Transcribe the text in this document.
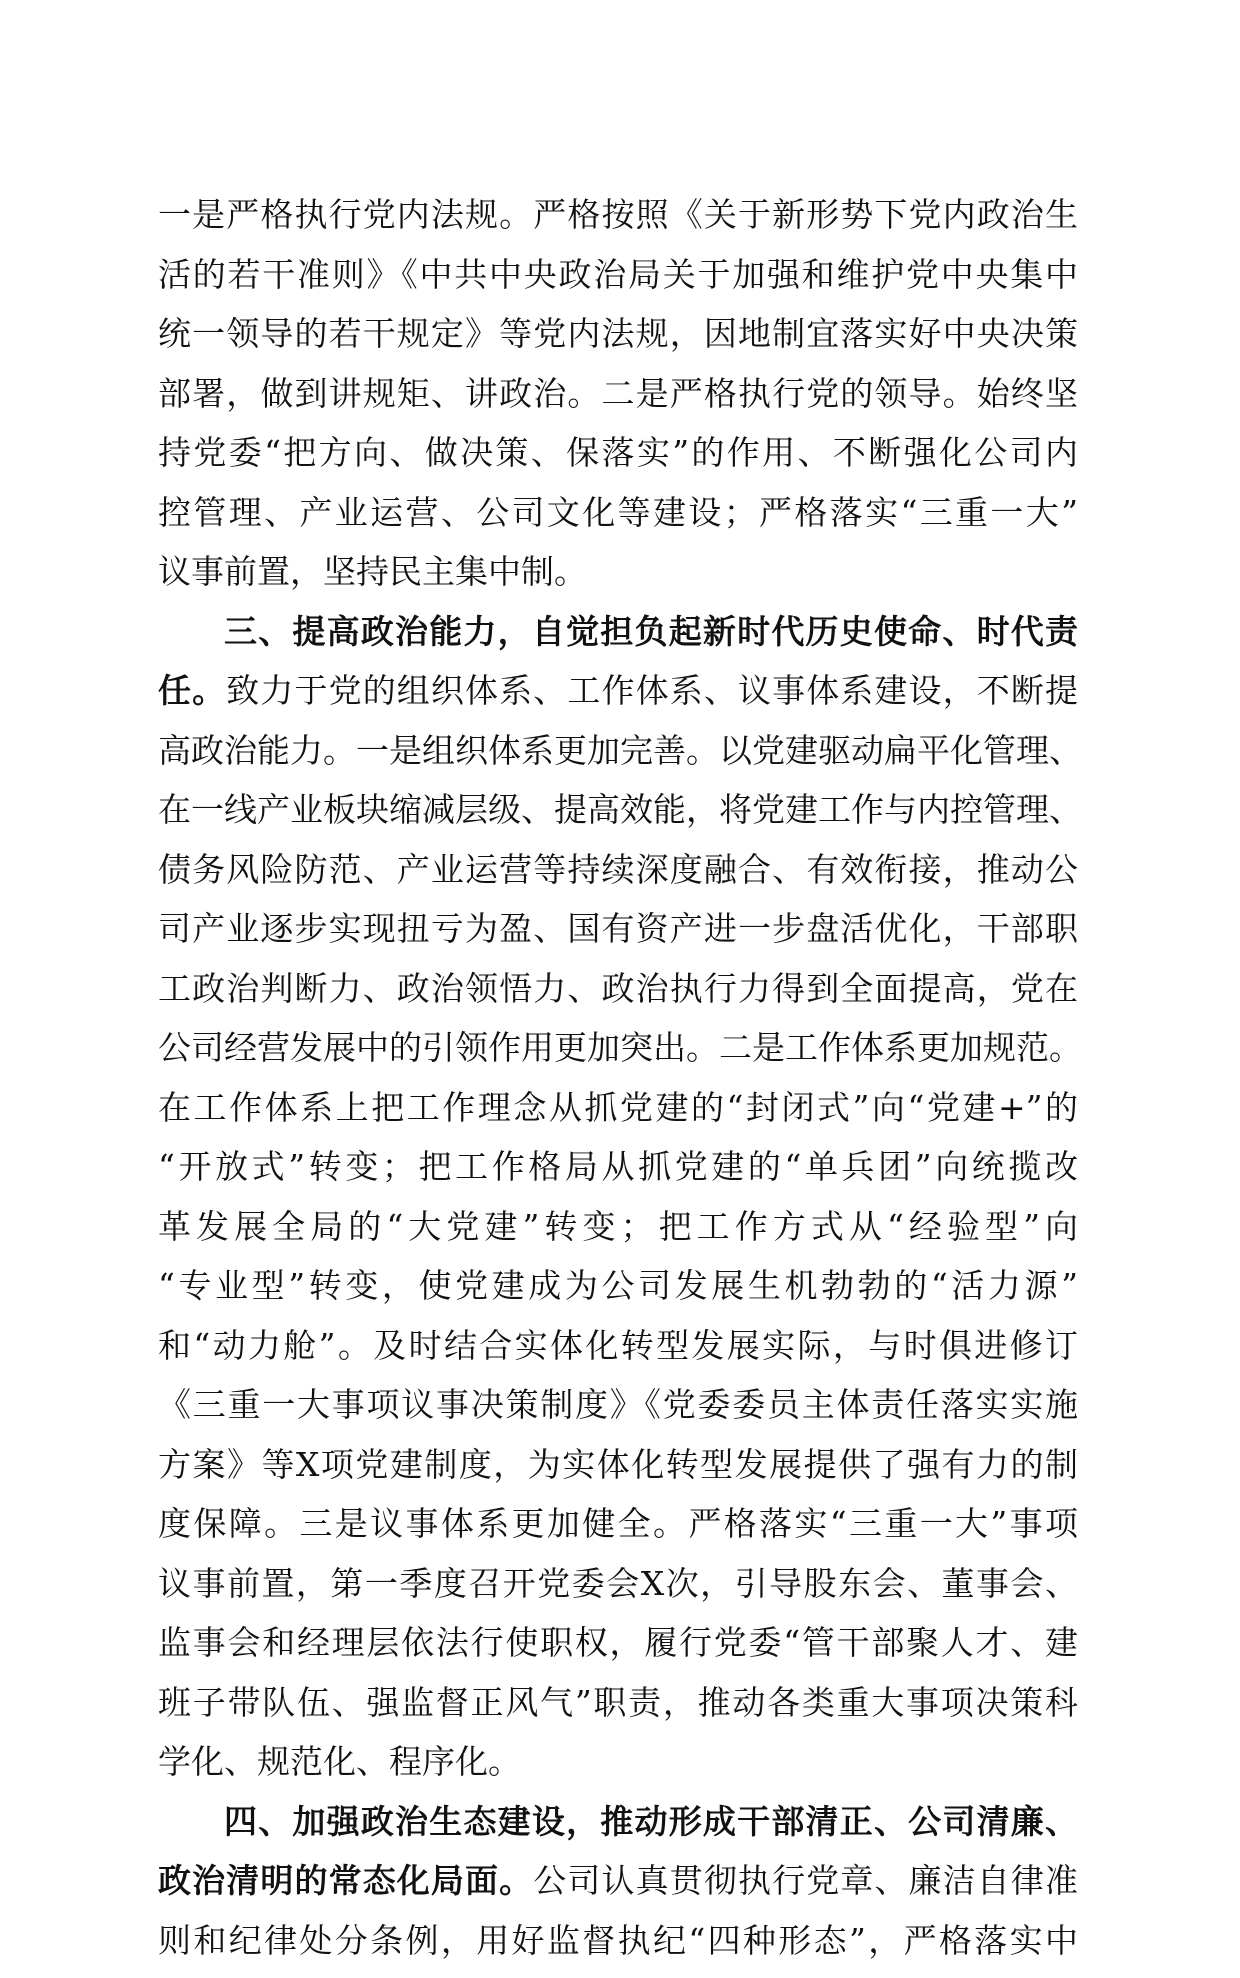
一是严格执行党内法规。严格按照《关于新形势下党内政治生
活的若干准则》《中共中央政治局关于加强和维护党中央集中
统一领导的若干规定》等党内法规，因地制宜落实好中央决策
部署，做到讲规矩、讲政治。二是严格执行党的领导。始终坚
持党委“把方向、做决策、保落实”的作用、不断强化公司内
控管理、产业运营、公司文化等建设；严格落实“三重一大”
议事前置，坚持民主集中制。
三、提高政治能力，自觉担负起新时代历史使命、时代责
任。致力于党的组织体系、工作体系、议事体系建设，不断提
高政治能力。一是组织体系更加完善。以党建驱动扁平化管理、
在一线产业板块缩减层级、提高效能，将党建工作与内控管理、
债务风险防范、产业运营等持续深度融合、有效衔接，推动公
司产业逐步实现扭亏为盈、国有资产进一步盘活优化，干部职
工政治判断力、政治领悟力、政治执行力得到全面提高，党在
公司经营发展中的引领作用更加突出。二是工作体系更加规范。
在工作体系上把工作理念从抓党建的“封闭式”向“党建+”的
“开放式”转变；把工作格局从抓党建的“单兵团”向统揽改
革发展全局的“大党建”转变；把工作方式从“经验型”向
“专业型”转变，使党建成为公司发展生机勃勃的“活力源”
和“动力舱”。及时结合实体化转型发展实际，与时俱进修订
《三重一大事项议事决策制度》《党委委员主体责任落实实施
方案》等X项党建制度，为实体化转型发展提供了强有力的制
度保障。三是议事体系更加健全。严格落实“三重一大”事项
议事前置，第一季度召开党委会X次，引导股东会、董事会、
监事会和经理层依法行使职权，履行党委“管干部聚人才、建
班子带队伍、强监督正风气”职责，推动各类重大事项决策科
学化、规范化、程序化。
四、加强政治生态建设，推动形成干部清正、公司清廉、
政治清明的常态化局面。公司认真贯彻执行党章、廉洁自律准
则和纪律处分条例，用好监督执纪“四种形态”，严格落实中
